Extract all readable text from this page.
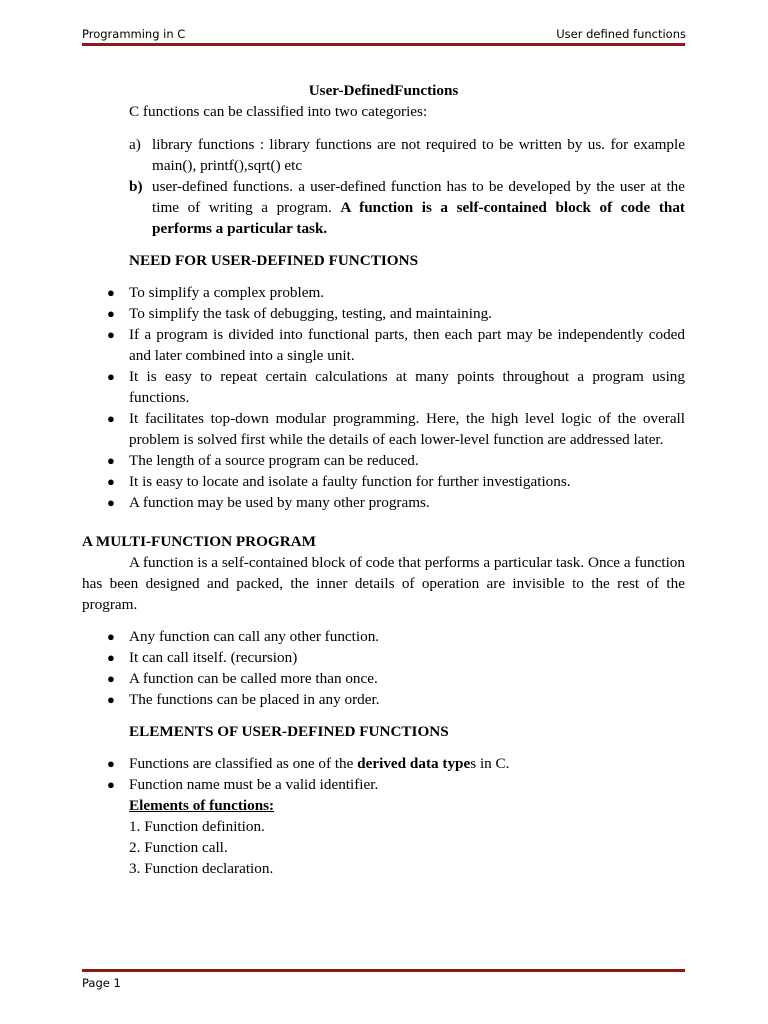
Programming in C	User defined functions

User-DefinedFunctions

C functions can be classified into two categories:

a) library functions : library functions are not required to be written by us. for example main(), printf(),sqrt() etc
b) user-defined functions. a user-defined function has to be developed by the user at the time of writing a program. A function is a self-contained block of code that performs a particular task.
NEED FOR USER-DEFINED FUNCTIONS
● To simplify a complex problem.
● To simplify the task of debugging, testing, and maintaining.
● If a program is divided into functional parts, then each part may be independently coded and later combined into a single unit.
● It is easy to repeat certain calculations at many points throughout a program using functions.
● It facilitates top-down modular programming. Here, the high level logic of the overall problem is solved first while the details of each lower-level function are addressed later.
● The length of a source program can be reduced.
● It is easy to locate and isolate a faulty function for further investigations.
● A function may be used by many other programs.
A MULTI-FUNCTION PROGRAM

A function is a self-contained block of code that performs a particular task. Once a function has been designed and packed, the inner details of operation are invisible to the rest of the program.

● Any function can call any other function.
● It can call itself. (recursion)
● A function can be called more than once.
● The functions can be placed in any order.
ELEMENTS OF USER-DEFINED FUNCTIONS
● Functions are classified as one of the derived data types in C.
● Function name must be a valid identifier.

Elements of functions:

1. Function definition.

2. Function call.

3. Function declaration.

Page 1
